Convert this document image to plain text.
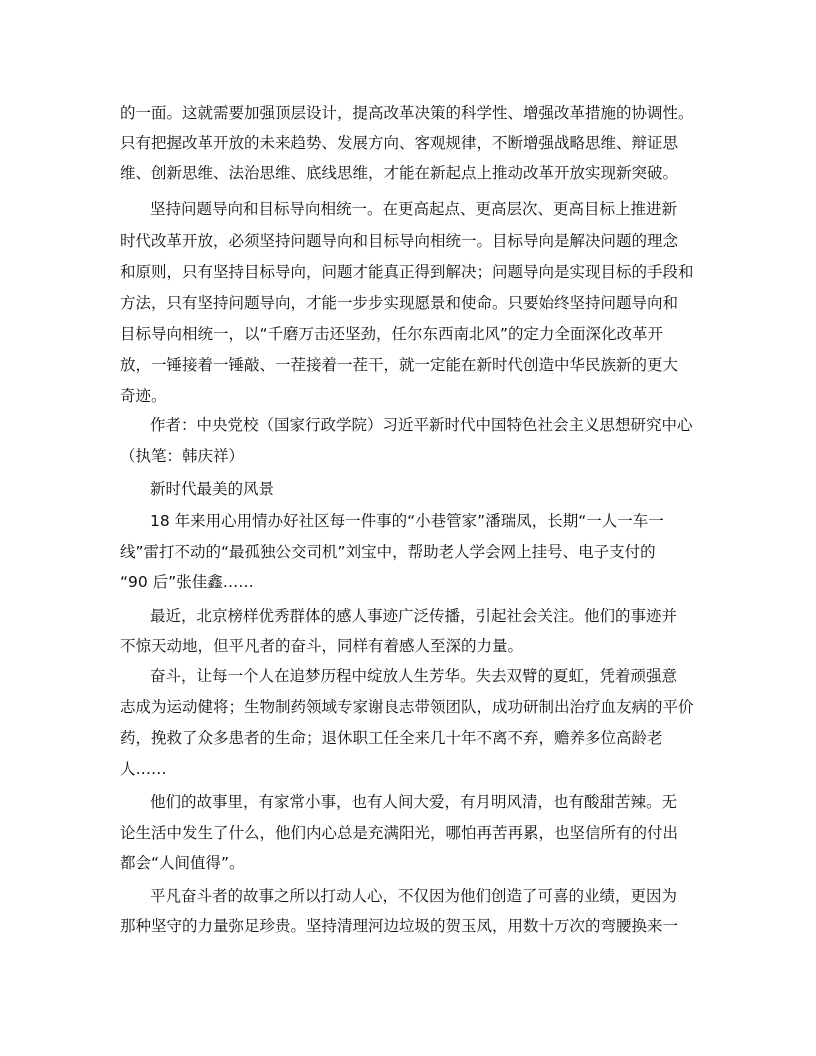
的一面。这就需要加强顶层设计，提高改革决策的科学性、增强改革措施的协调性。
只有把握改革开放的未来趋势、发展方向、客观规律，不断增强战略思维、辩证思
维、创新思维、法治思维、底线思维，才能在新起点上推动改革开放实现新突破。
坚持问题导向和目标导向相统一。在更高起点、更高层次、更高目标上推进新
时代改革开放，必须坚持问题导向和目标导向相统一。目标导向是解决问题的理念
和原则，只有坚持目标导向，问题才能真正得到解决；问题导向是实现目标的手段和
方法，只有坚持问题导向，才能一步步实现愿景和使命。只要始终坚持问题导向和
目标导向相统一，以“千磨万击还坚劲，任尔东西南北风”的定力全面深化改革开
放，一锤接着一锤敲、一茬接着一茬干，就一定能在新时代创造中华民族新的更大
奇迹。
作者：中央党校（国家行政学院）习近平新时代中国特色社会主义思想研究中心
（执笔：韩庆祥）
新时代最美的风景
18 年来用心用情办好社区每一件事的“小巷管家”潘瑞凤，长期“一人一车一
线”雷打不动的“最孤独公交司机”刘宝中，帮助老人学会网上挂号、电子支付的
“90 后”张佳鑫……
最近，北京榜样优秀群体的感人事迹广泛传播，引起社会关注。他们的事迹并
不惊天动地，但平凡者的奋斗，同样有着感人至深的力量。
奋斗，让每一个人在追梦历程中绽放人生芳华。失去双臂的夏虹，凭着顽强意
志成为运动健将；生物制药领域专家谢良志带领团队，成功研制出治疗血友病的平价
药，挽救了众多患者的生命；退休职工任全来几十年不离不弃，赡养多位高龄老
人……
他们的故事里，有家常小事，也有人间大爱，有月明风清，也有酸甜苦辣。无
论生活中发生了什么，他们内心总是充满阳光，哪怕再苦再累，也坚信所有的付出
都会“人间值得”。
平凡奋斗者的故事之所以打动人心，不仅因为他们创造了可喜的业绩，更因为
那种坚守的力量弥足珍贵。坚持清理河边垃圾的贺玉凤，用数十万次的弯腰换来一
